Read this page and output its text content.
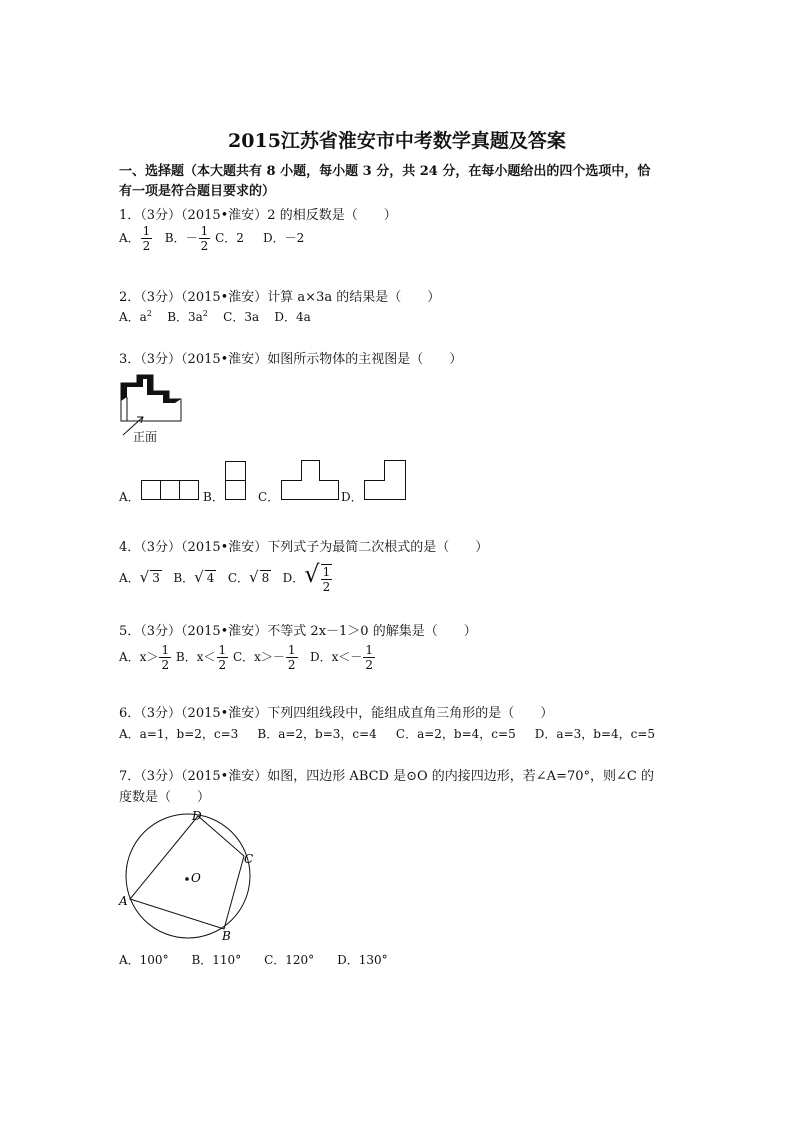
2015江苏省淮安市中考数学真题及答案
一、选择题（本大题共有 8 小题，每小题 3 分，共 24 分，在每小题给出的四个选项中，恰
有一项是符合题目要求的）
1．（3分）（2015•淮安）2 的相反数是（　　）
A． $\frac{1}{2}$ B．－ $\frac{1}{2}$ C．2 D．－2
2．（3分）（2015•淮安）计算 a×3a 的结果是（　　）
A．$a^2$ B．$3a^2$ C．3a D．4a
3．（3分）（2015•淮安）如图所示物体的主视图是（　　）
正面
A．	B．	C．	D．
4．（3分）（2015•淮安）下列式子为最简二次根式的是（　　）
A．√ 3 B．√ 4 C．√ 8 D．√ $\frac{1}{2}$
5．（3分）（2015•淮安）不等式 2x－1＞0 的解集是（　　）
A．$x> \frac{1}{2}$ B．$x< \frac{1}{2}$ C．$x>- \frac{1}{2}$ D．$x<- \frac{1}{2}$
6．（3分）（2015•淮安）下列四组线段中，能组成直角三角形的是（　　）
A．a=1，b=2，c=3 B．a=2，b=3，c=4 C．a=2，b=4，c=5 D．a=3，b=4，c=5
7．（3分）（2015•淮安）如图，四边形 ABCD 是⊙O 的内接四边形，若∠A=70°，则∠C 的
度数是（　　）
A
B
C
D
O
A．100° B．110° C．120° D．130°
